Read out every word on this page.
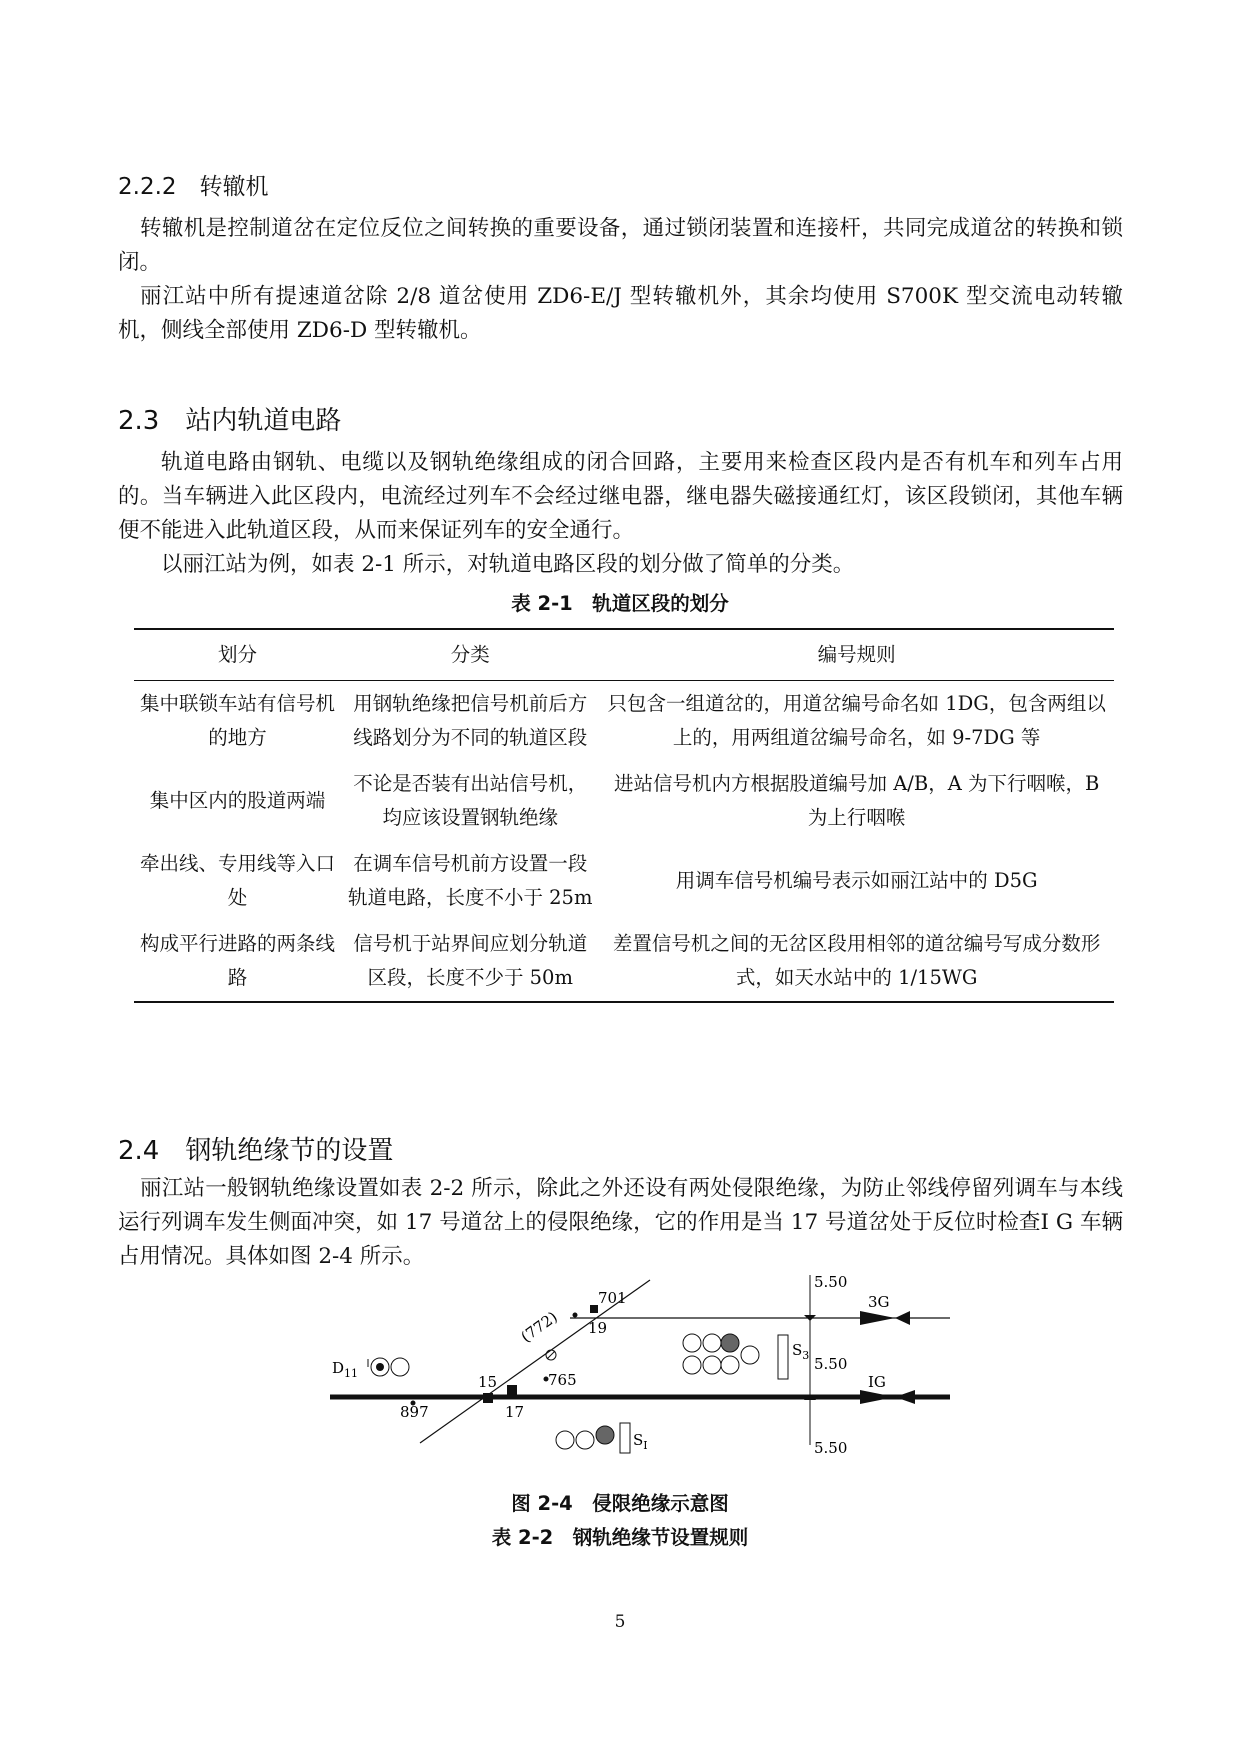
2.2.2　转辙机
转辙机是控制道岔在定位反位之间转换的重要设备，通过锁闭装置和连接杆，共同完成道岔的转换和锁闭。
丽江站中所有提速道岔除 2/8 道岔使用 ZD6-E/J 型转辙机外，其余均使用 S700K 型交流电动转辙机，侧线全部使用 ZD6-D 型转辙机。
2.3　站内轨道电路
轨道电路由钢轨、电缆以及钢轨绝缘组成的闭合回路，主要用来检查区段内是否有机车和列车占用的。当车辆进入此区段内，电流经过列车不会经过继电器，继电器失磁接通红灯，该区段锁闭，其他车辆便不能进入此轨道区段，从而来保证列车的安全通行。
以丽江站为例，如表 2-1 所示，对轨道电路区段的划分做了简单的分类。
表 2-1　轨道区段的划分
划分	分类	编号规则
集中联锁车站有信号机的地方	用钢轨绝缘把信号机前后方线路划分为不同的轨道区段	只包含一组道岔的，用道岔编号命名如 1DG，包含两组以上的，用两组道岔编号命名，如 9-7DG 等
集中区内的股道两端	不论是否装有出站信号机，均应该设置钢轨绝缘	进站信号机内方根据股道编号加 A/B，A 为下行咽喉，B 为上行咽喉
牵出线、专用线等入口处	在调车信号机前方设置一段轨道电路，长度不小于 25m	用调车信号机编号表示如丽江站中的 D5G
构成平行进路的两条线路	信号机于站界间应划分轨道区段，长度不少于 50m	差置信号机之间的无岔区段用相邻的道岔编号写成分数形式，如天水站中的 1/15WG
2.4　钢轨绝缘节的设置
丽江站一般钢轨绝缘设置如表 2-2 所示，除此之外还设有两处侵限绝缘，为防止邻线停留列调车与本线运行列调车发生侧面冲突，如 17 号道岔上的侵限绝缘，它的作用是当 17 号道岔处于反位时检查Ⅰ G 车辆占用情况。具体如图 2-4 所示。
701
(772) 19
3G
$S_3$ 5.50
5.50
5.50
$D_{11}$	15	765	IG
897	17
$S_I$
图 2-4　侵限绝缘示意图
表 2-2　钢轨绝缘节设置规则
5
